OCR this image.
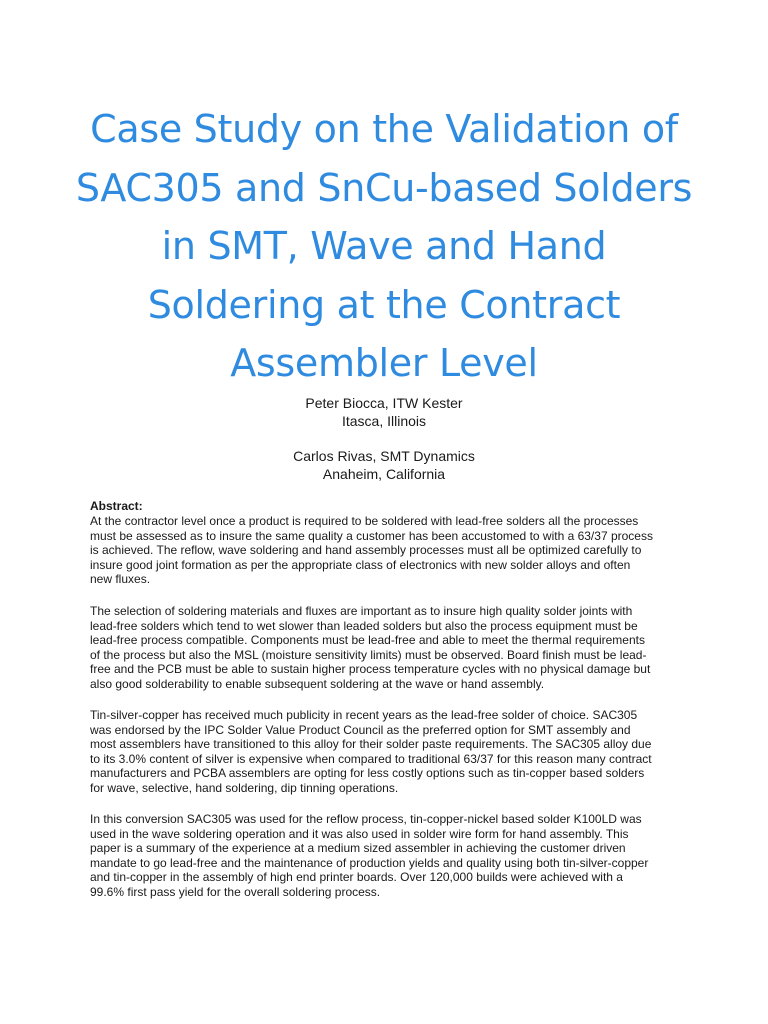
Case Study on the Validation of
SAC305 and SnCu-based Solders
in SMT, Wave and Hand
Soldering at the Contract
Assembler Level
Peter Biocca, ITW Kester
Itasca, Illinois
Carlos Rivas, SMT Dynamics
Anaheim, California
Abstract:
At the contractor level once a product is required to be soldered with lead-free solders all the processes
must be assessed as to insure the same quality a customer has been accustomed to with a 63/37 process
is achieved. The reflow, wave soldering and hand assembly processes must all be optimized carefully to
insure good joint formation as per the appropriate class of electronics with new solder alloys and often
new fluxes.
The selection of soldering materials and fluxes are important as to insure high quality solder joints with
lead-free solders which tend to wet slower than leaded solders but also the process equipment must be
lead-free process compatible. Components must be lead-free and able to meet the thermal requirements
of the process but also the MSL (moisture sensitivity limits) must be observed. Board finish must be lead-
free and the PCB must be able to sustain higher process temperature cycles with no physical damage but
also good solderability to enable subsequent soldering at the wave or hand assembly.
Tin-silver-copper has received much publicity in recent years as the lead-free solder of choice. SAC305
was endorsed by the IPC Solder Value Product Council as the preferred option for SMT assembly and
most assemblers have transitioned to this alloy for their solder paste requirements. The SAC305 alloy due
to its 3.0% content of silver is expensive when compared to traditional 63/37 for this reason many contract
manufacturers and PCBA assemblers are opting for less costly options such as tin-copper based solders
for wave, selective, hand soldering, dip tinning operations.
In this conversion SAC305 was used for the reflow process, tin-copper-nickel based solder K100LD was
used in the wave soldering operation and it was also used in solder wire form for hand assembly. This
paper is a summary of the experience at a medium sized assembler in achieving the customer driven
mandate to go lead-free and the maintenance of production yields and quality using both tin-silver-copper
and tin-copper in the assembly of high end printer boards. Over 120,000 builds were achieved with a
99.6% first pass yield for the overall soldering process.
